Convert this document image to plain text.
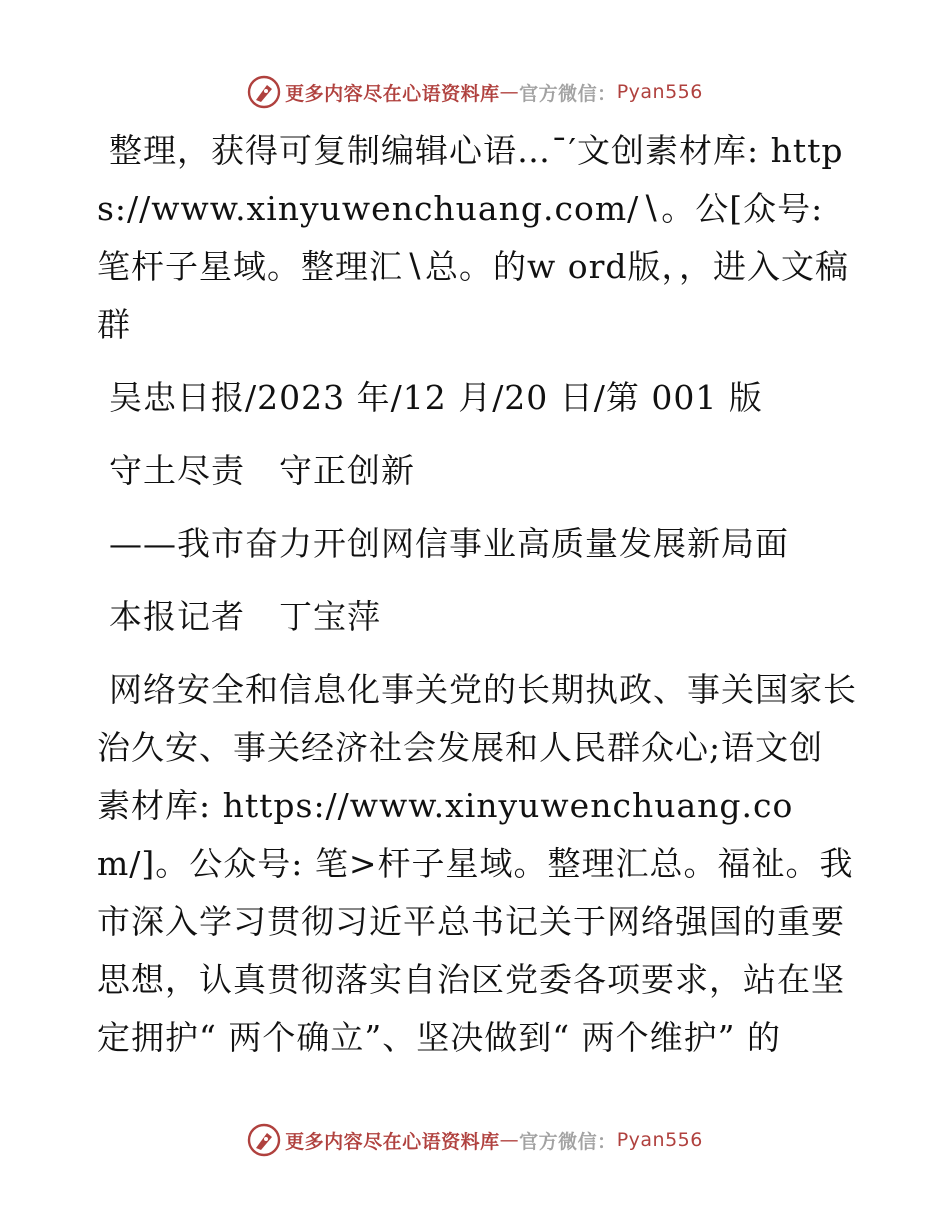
更多内容尽在心语资料库 — 官方微信： Pyan556

整理，获得可复制编辑心语…¯′文创素材库: https://www.xinyuwenchuang.com/∖。公[众号: 笔杆子星域。整理汇∖总。的w ord版，，进入文稿群

吴忠日报/2023 年/12 月/20 日/第 001 版

守土尽责　守正创新

——我市奋力开创网信事业高质量发展新局面

本报记者　丁宝萍

网络安全和信息化事关党的长期执政、事关国家长治久安、事关经济社会发展和人民群众心;语文创素材库: https://www.xinyuwenchuang.com/]。公众号: 笔>杆子星域。整理汇总。福祉。我市深入学习贯彻习近平总书记关于网络强国的重要思想，认真贯彻落实自治区党委各项要求，站在坚定拥护“ 两个确立”、坚决做到“ 两个维护” 的

更多内容尽在心语资料库 — 官方微信： Pyan556
